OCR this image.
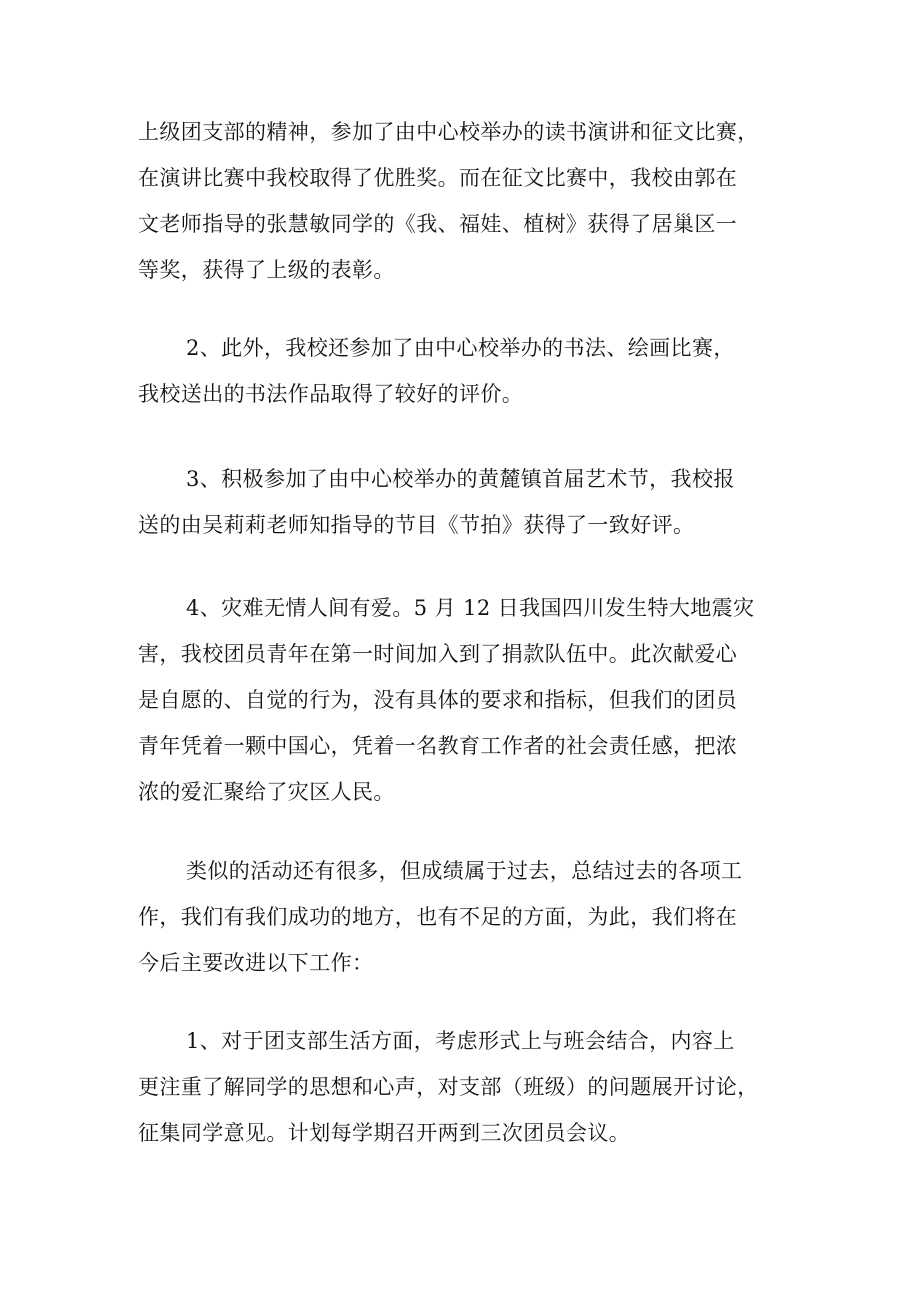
上级团支部的精神，参加了由中心校举办的读书演讲和征文比赛，
在演讲比赛中我校取得了优胜奖。而在征文比赛中，我校由郭在
文老师指导的张慧敏同学的《我、福娃、植树》获得了居巢区一
等奖，获得了上级的表彰。
2、此外，我校还参加了由中心校举办的书法、绘画比赛，
我校送出的书法作品取得了较好的评价。
3、积极参加了由中心校举办的黄麓镇首届艺术节，我校报
送的由吴莉莉老师知指导的节目《节拍》获得了一致好评。
4、灾难无情人间有爱。5 月 12 日我国四川发生特大地震灾
害，我校团员青年在第一时间加入到了捐款队伍中。此次献爱心
是自愿的、自觉的行为，没有具体的要求和指标，但我们的团员
青年凭着一颗中国心，凭着一名教育工作者的社会责任感，把浓
浓的爱汇聚给了灾区人民。
类似的活动还有很多，但成绩属于过去，总结过去的各项工
作，我们有我们成功的地方，也有不足的方面，为此，我们将在
今后主要改进以下工作：
1、对于团支部生活方面，考虑形式上与班会结合，内容上
更注重了解同学的思想和心声，对支部（班级）的问题展开讨论，
征集同学意见。计划每学期召开两到三次团员会议。
